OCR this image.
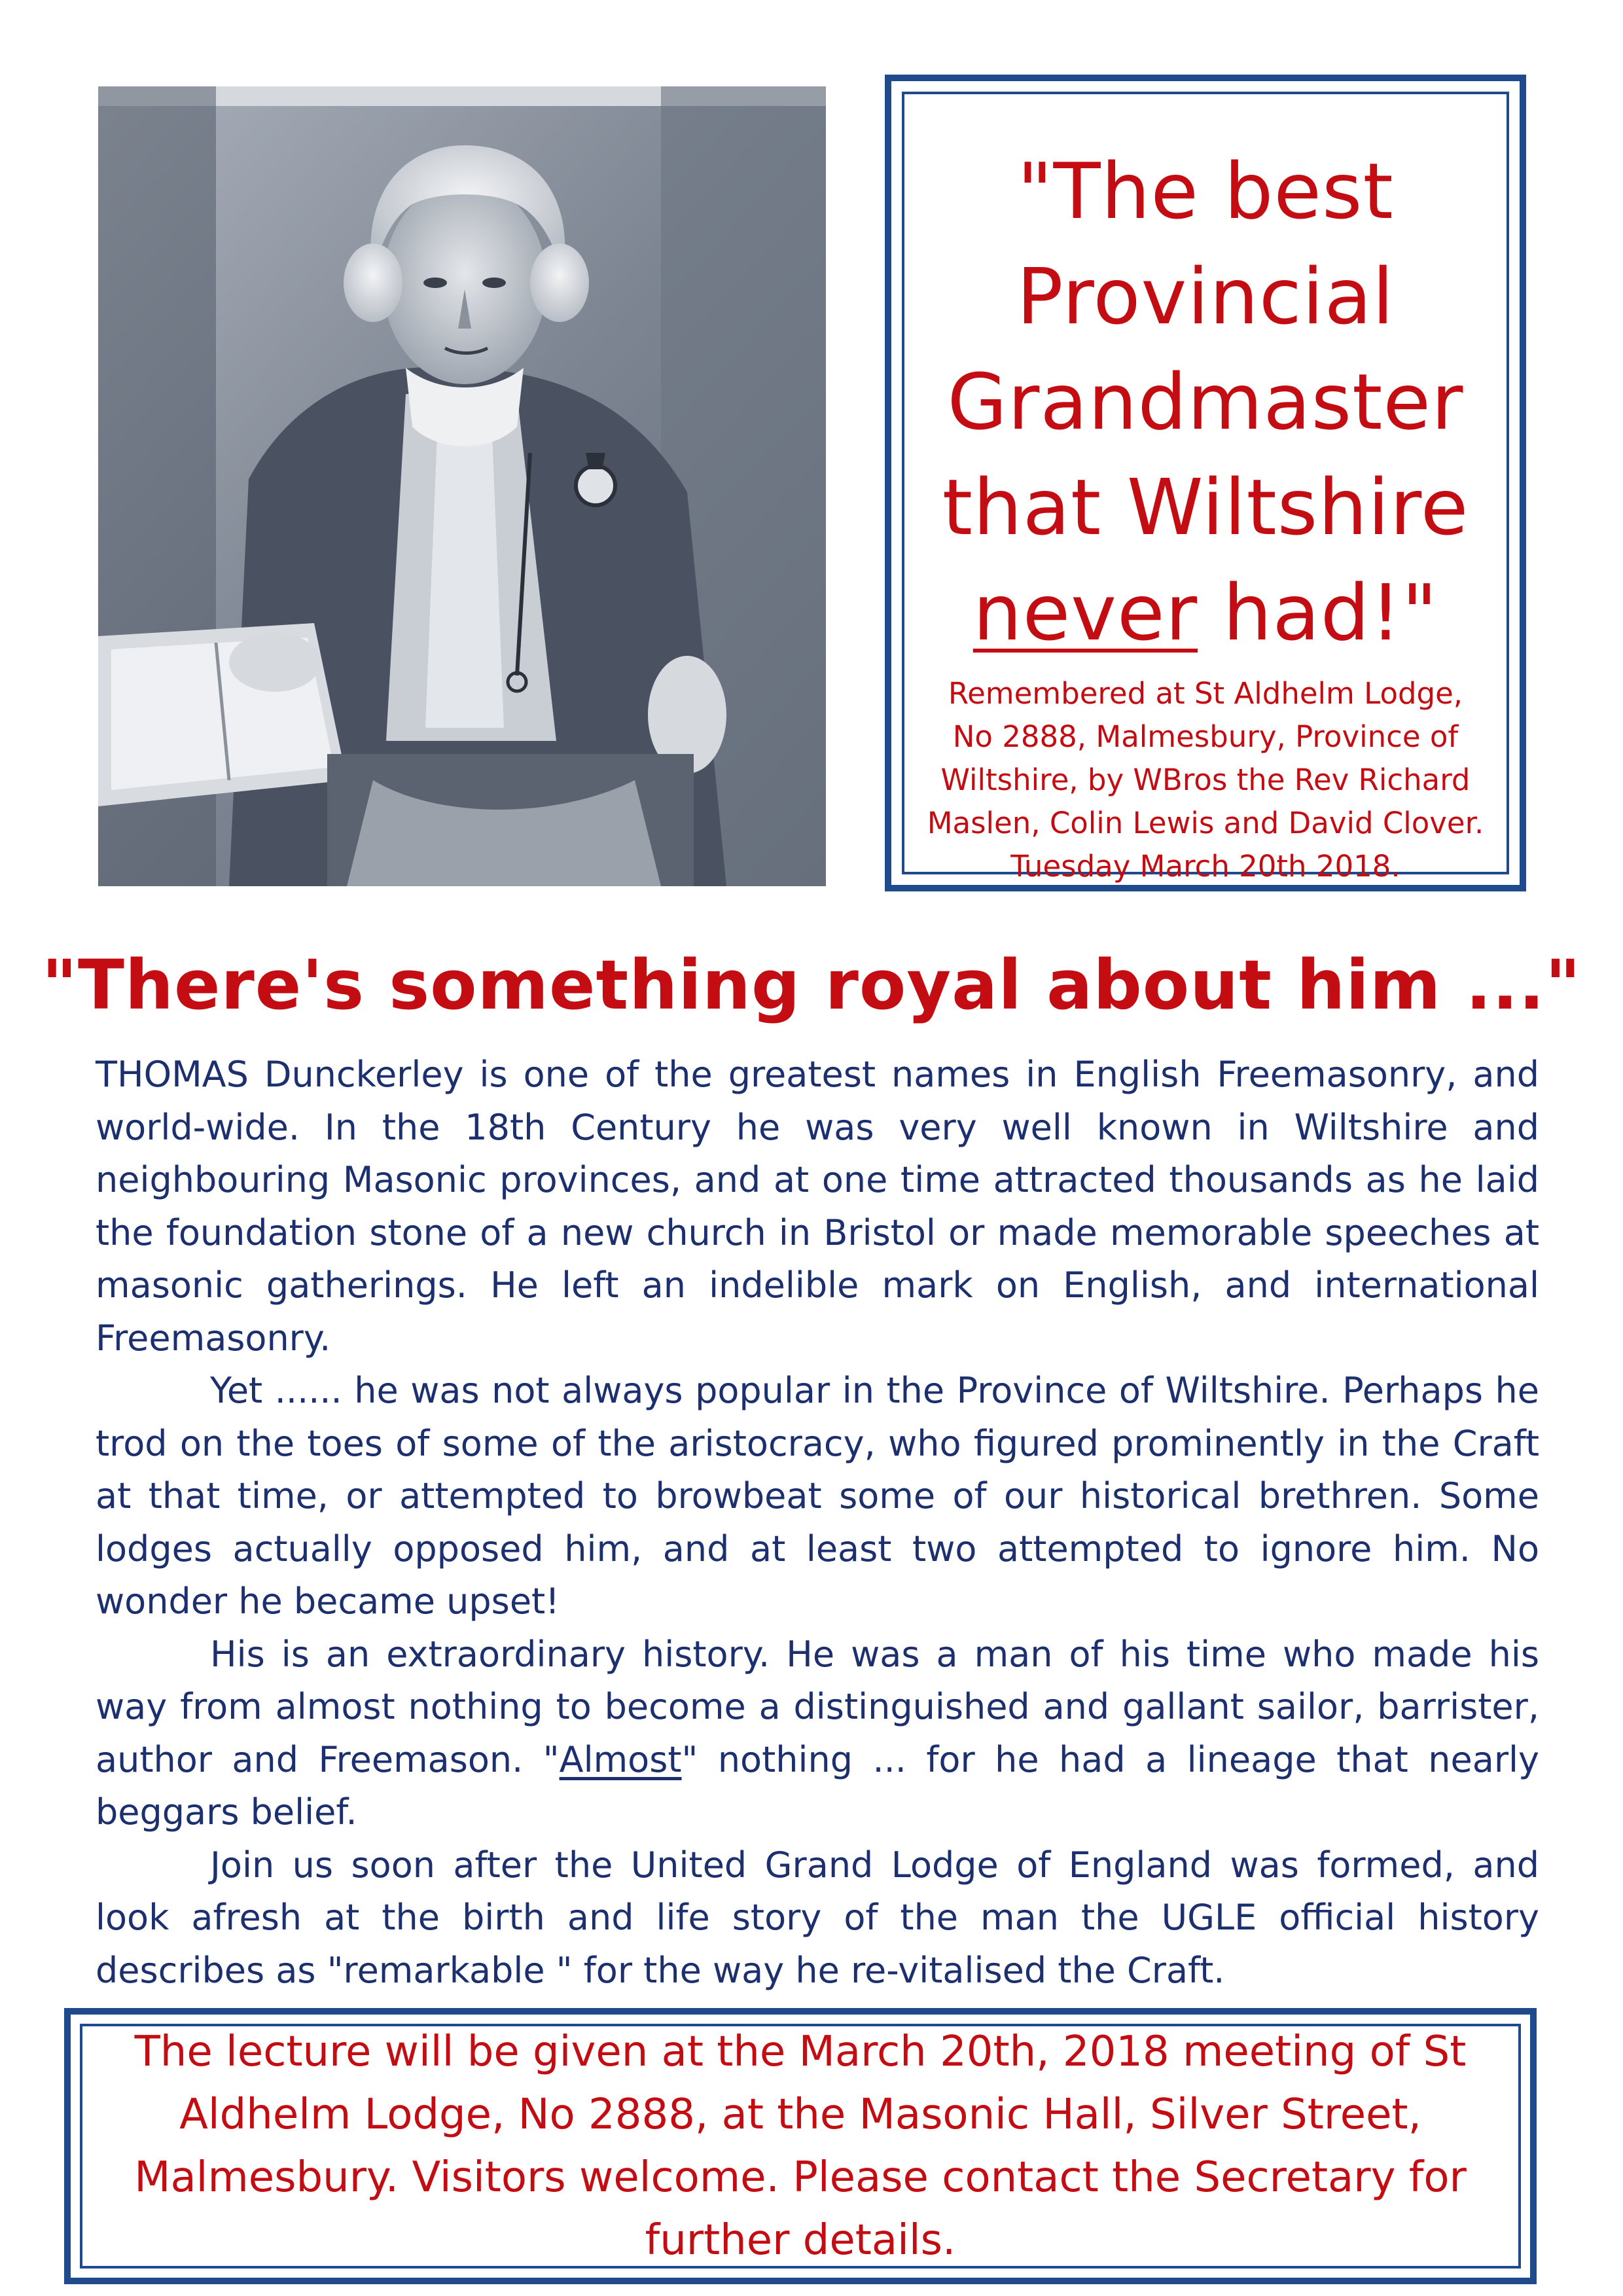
"The best
Provincial
Grandmaster
that Wiltshire
never had!"
Remembered at St Aldhelm Lodge,
No 2888, Malmesbury, Province of
Wiltshire, by WBros the Rev Richard
Maslen, Colin Lewis and David Clover.
Tuesday March 20th 2018.
"There's something royal about him ..."

THOMAS Dunckerley is one of the greatest names in English Freemasonry, and world-wide. In the 18th Century he was very well known in Wiltshire and neighbouring Masonic provinces, and at one time attracted thousands as he laid the foundation stone of a new church in Bristol or made memorable speeches at masonic gatherings. He left an indelible mark on English, and international Freemasonry.

Yet ...... he was not always popular in the Province of Wiltshire. Perhaps he trod on the toes of some of the aristocracy, who figured prominently in the Craft at that time, or attempted to browbeat some of our historical brethren. Some lodges actually opposed him, and at least two attempted to ignore him. No wonder he became upset!

His is an extraordinary history. He was a man of his time who made his way from almost nothing to become a distinguished and gallant sailor, barrister, author and Freemason. "Almost" nothing ... for he had a lineage that nearly beggars belief.

Join us soon after the United Grand Lodge of England was formed, and look afresh at the birth and life story of the man the UGLE official history describes as "remarkable " for the way he re-vitalised the Craft.

The lecture will be given at the March 20th, 2018 meeting of St Aldhelm Lodge, No 2888, at the Masonic Hall, Silver Street, Malmesbury. Visitors welcome. Please contact the Secretary for further details.
